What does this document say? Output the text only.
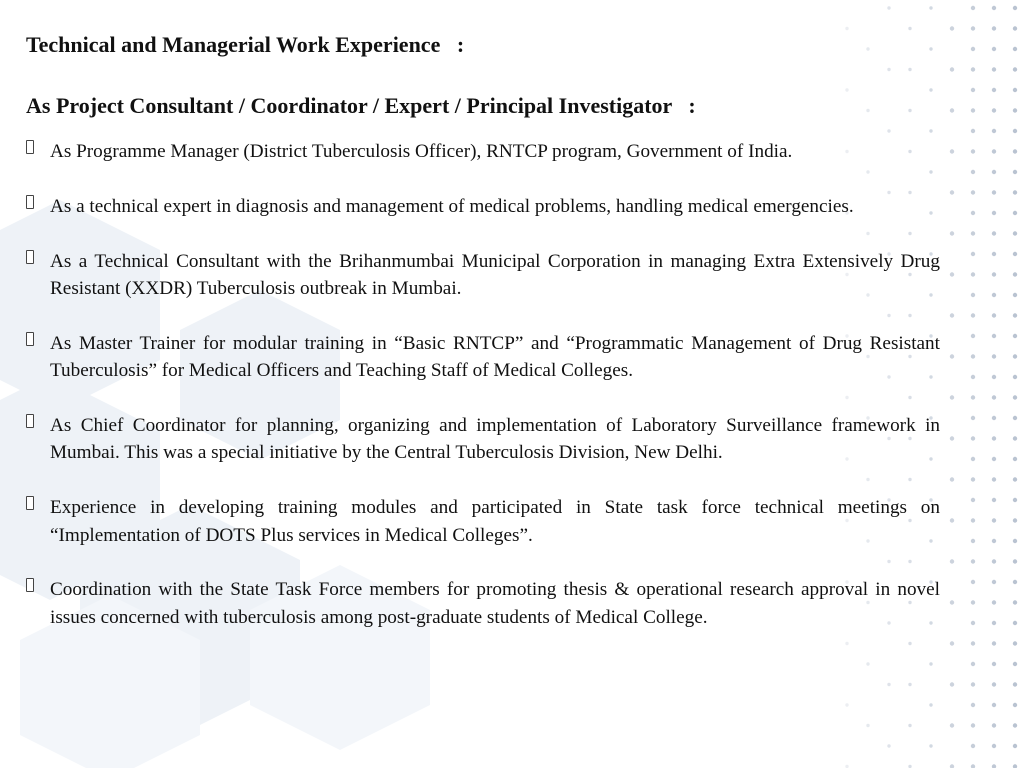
Technical and Managerial Work Experience   :

As Project Consultant / Coordinator / Expert / Principal Investigator   :

As Programme Manager (District Tuberculosis Officer), RNTCP program, Government of India.
As a technical expert in diagnosis and management of medical problems, handling medical emergencies.
As a Technical Consultant with the Brihanmumbai Municipal Corporation in managing Extra Extensively Drug Resistant (XXDR) Tuberculosis outbreak in Mumbai.
As Master Trainer for modular training in “Basic RNTCP” and “Programmatic Management of Drug Resistant Tuberculosis” for Medical Officers and Teaching Staff of Medical Colleges.
As Chief Coordinator for planning, organizing and implementation of Laboratory Surveillance framework in Mumbai. This was a special initiative by the Central Tuberculosis Division, New Delhi.
Experience in developing training modules and participated in State task force technical meetings on “Implementation of DOTS Plus services in Medical Colleges”.
Coordination with the State Task Force members for promoting thesis & operational research approval in novel issues concerned with tuberculosis among post-graduate students of Medical College.
